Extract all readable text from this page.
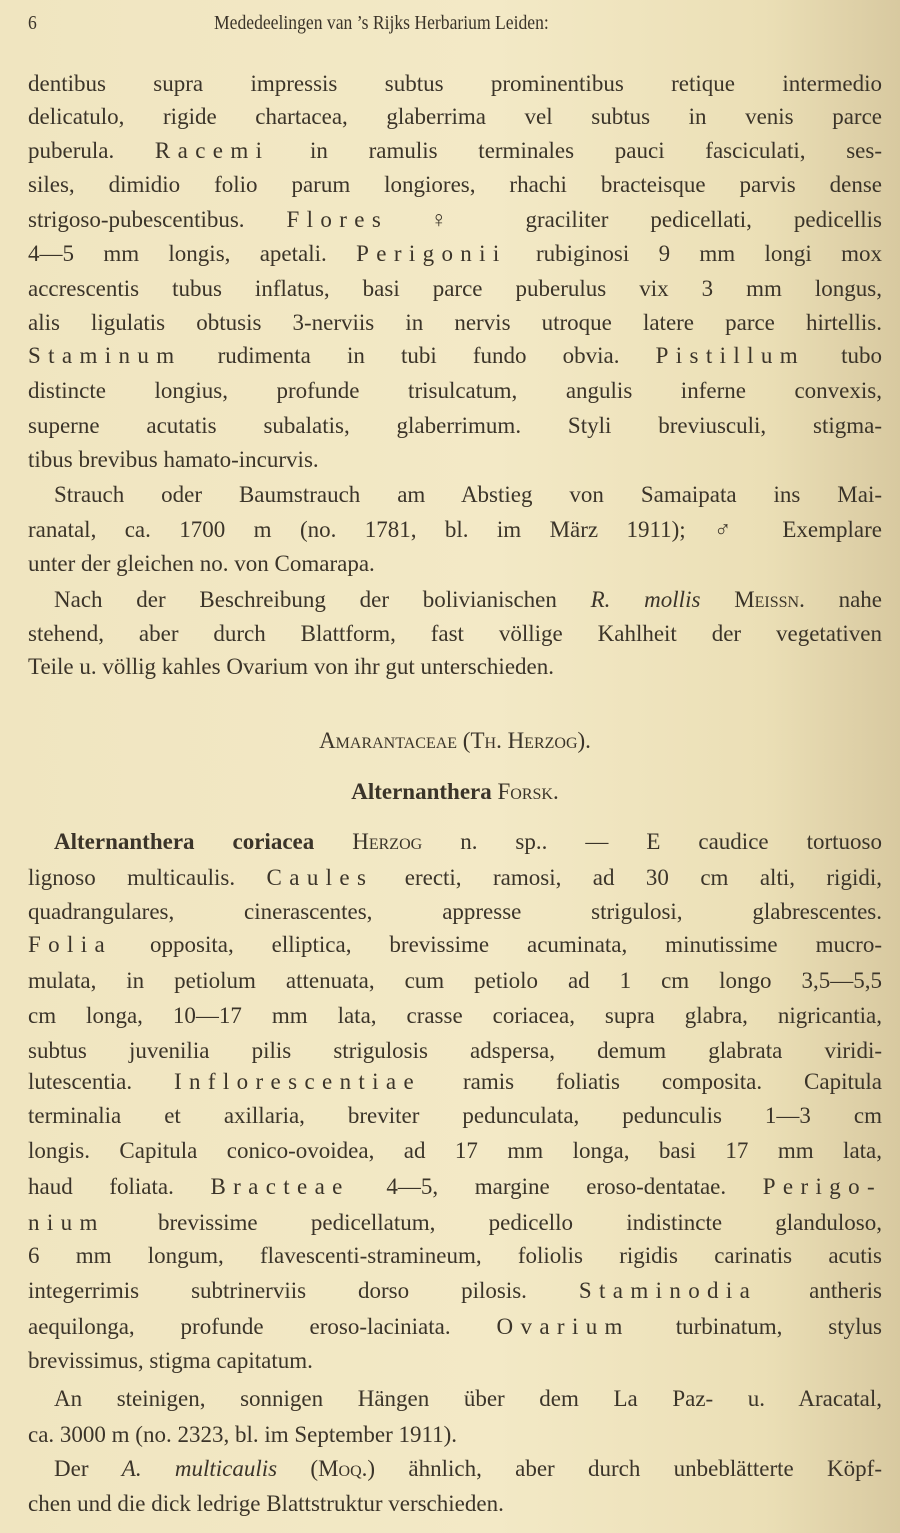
6	Mededeelingen van ’s Rijks Herbarium Leiden:
dentibus supra impressis subtus prominentibus retique intermedio
delicatulo, rigide chartacea, glaberrima vel subtus in venis parce
puberula. Racemi in ramulis terminales pauci fasciculati, ses-
siles, dimidio folio parum longiores, rhachi bracteisque parvis dense
strigoso-pubescentibus. Flores ♀ graciliter pedicellati, pedicellis
4—5 mm longis, apetali. Perigonii rubiginosi 9 mm longi mox
accrescentis tubus inflatus, basi parce puberulus vix 3 mm longus,
alis ligulatis obtusis 3-nerviis in nervis utroque latere parce hirtellis.
Staminum rudimenta in tubi fundo obvia. Pistillum tubo
distincte longius, profunde trisulcatum, angulis inferne convexis,
superne acutatis subalatis, glaberrimum. Styli breviusculi, stigma-
tibus brevibus hamato-incurvis.
Strauch oder Baumstrauch am Abstieg von Samaipata ins Mai-
ranatal, ca. 1700 m (no. 1781, bl. im März 1911); ♂ Exemplare
unter der gleichen no. von Comarapa.
Nach der Beschreibung der bolivianischen R. mollis Meissn. nahe
stehend, aber durch Blattform, fast völlige Kahlheit der vegetativen
Teile u. völlig kahles Ovarium von ihr gut unterschieden.
Amarantaceae (Th. Herzog).
Alternanthera Forsk.
Alternanthera coriacea Herzog n. sp.. — E caudice tortuoso
lignoso multicaulis. Caules erecti, ramosi, ad 30 cm alti, rigidi,
quadrangulares, cinerascentes, appresse strigulosi, glabrescentes.
Folia opposita, elliptica, brevissime acuminata, minutissime mucro-
mulata, in petiolum attenuata, cum petiolo ad 1 cm longo 3,5—5,5
cm longa, 10—17 mm lata, crasse coriacea, supra glabra, nigricantia,
subtus juvenilia pilis strigulosis adspersa, demum glabrata viridi-
lutescentia. Inflorescentiae ramis foliatis composita. Capitula
terminalia et axillaria, breviter pedunculata, pedunculis 1—3 cm
longis. Capitula conico-ovoidea, ad 17 mm longa, basi 17 mm lata,
haud foliata. Bracteae 4—5, margine eroso-dentatae. Perigo-
nium brevissime pedicellatum, pedicello indistincte glanduloso,
6 mm longum, flavescenti-stramineum, foliolis rigidis carinatis acutis
integerrimis subtrinerviis dorso pilosis. Staminodia antheris
aequilonga, profunde eroso-laciniata. Ovarium turbinatum, stylus
brevissimus, stigma capitatum.
An steinigen, sonnigen Hängen über dem La Paz- u. Aracatal,
ca. 3000 m (no. 2323, bl. im September 1911).
Der A. multicaulis (Moq.) ähnlich, aber durch unbeblätterte Köpf-
chen und die dick ledrige Blattstruktur verschieden.
